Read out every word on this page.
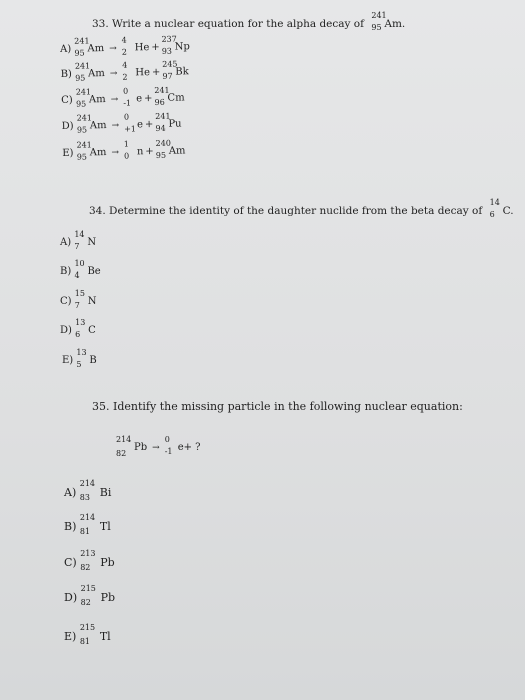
33. Write a nuclear equation for the alpha decay of
241
95 Am.
A)
241
95 Am →
4
2 He +
237
93 Np
B)
241
95 Am →
4
2 He +
245
97 Bk
C)
241
95 Am →
0
-1 e +
241
96 Cm
D)
241
95 Am →
0
+1 e +
241
94 Pu
E)
241
95 Am →
1
0 n +
240
95 Am
34. Determine the identity of the daughter nuclide from the beta decay of
14
6 C.
A)
14
7 N
B)
10
4 Be
C)
15
7 N
D)
13
6 C
E)
13
5 B
35. Identify the missing particle in the following nuclear equation:
214
82
Pb →
0
-1 e+ ?
A)
214
83 Bi
B)
214
81 Tl
C)
213
82 Pb
D)
215
82 Pb
E)
215
81 Tl
